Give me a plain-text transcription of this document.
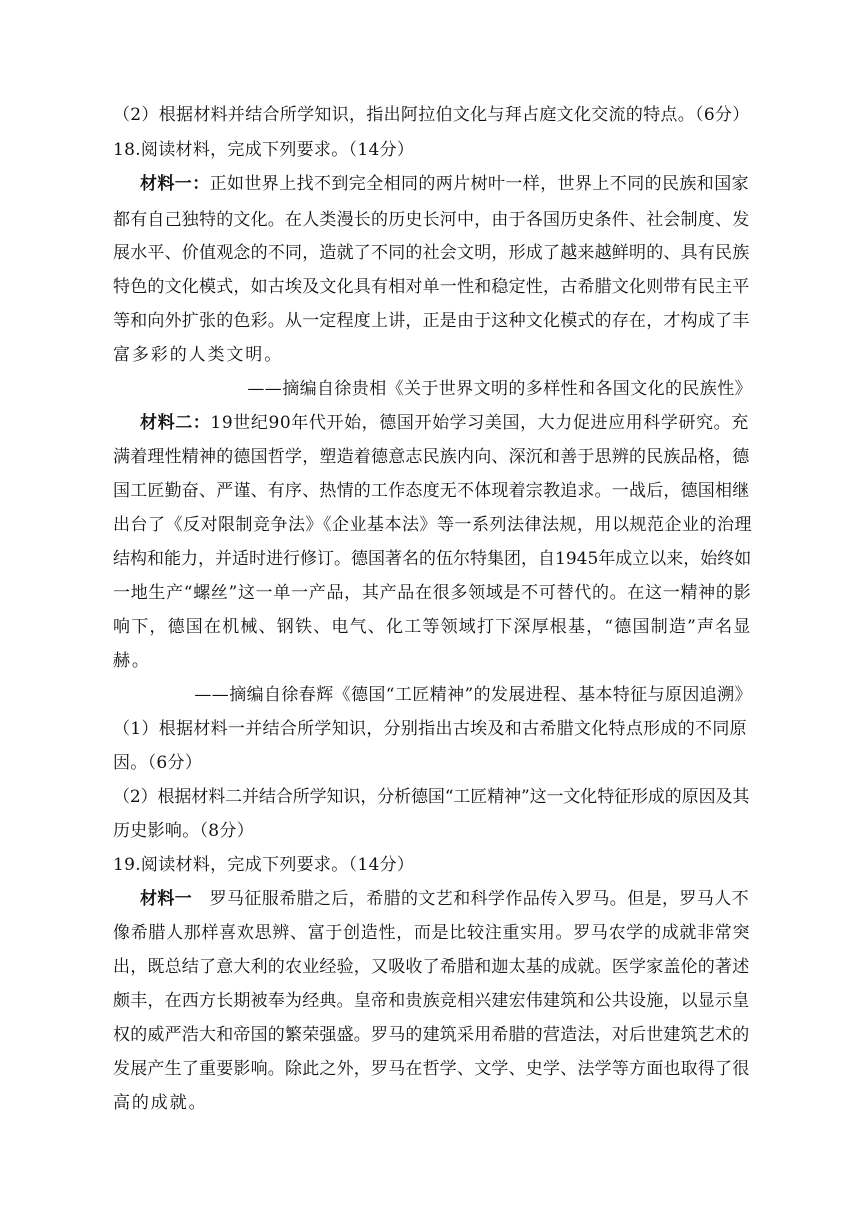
（2）根据材料并结合所学知识，指出阿拉伯文化与拜占庭文化交流的特点。（6分）
18.阅读材料，完成下列要求。（14分）
材料一：正如世界上找不到完全相同的两片树叶一样，世界上不同的民族和国家
都有自己独特的文化。在人类漫长的历史长河中，由于各国历史条件、社会制度、发
展水平、价值观念的不同，造就了不同的社会文明，形成了越来越鲜明的、具有民族
特色的文化模式，如古埃及文化具有相对单一性和稳定性，古希腊文化则带有民主平
等和向外扩张的色彩。从一定程度上讲，正是由于这种文化模式的存在，才构成了丰
富多彩的人类文明。
——摘编自徐贵相《关于世界文明的多样性和各国文化的民族性》
材料二：19世纪90年代开始，德国开始学习美国，大力促进应用科学研究。充
满着理性精神的德国哲学，塑造着德意志民族内向、深沉和善于思辨的民族品格，德
国工匠勤奋、严谨、有序、热情的工作态度无不体现着宗教追求。一战后，德国相继
出台了《反对限制竞争法》《企业基本法》等一系列法律法规，用以规范企业的治理
结构和能力，并适时进行修订。德国著名的伍尔特集团，自1945年成立以来，始终如
一地生产“螺丝”这一单一产品，其产品在很多领域是不可替代的。在这一精神的影
响下，德国在机械、钢铁、电气、化工等领域打下深厚根基，“德国制造”声名显
赫。
——摘编自徐春辉《德国“工匠精神”的发展进程、基本特征与原因追溯》
（1）根据材料一并结合所学知识，分别指出古埃及和古希腊文化特点形成的不同原
因。（6分）
（2）根据材料二并结合所学知识，分析德国“工匠精神”这一文化特征形成的原因及其
历史影响。（8分）
19.阅读材料，完成下列要求。（14分）
材料一　罗马征服希腊之后，希腊的文艺和科学作品传入罗马。但是，罗马人不
像希腊人那样喜欢思辨、富于创造性，而是比较注重实用。罗马农学的成就非常突
出，既总结了意大利的农业经验，又吸收了希腊和迦太基的成就。医学家盖伦的著述
颇丰，在西方长期被奉为经典。皇帝和贵族竞相兴建宏伟建筑和公共设施，以显示皇
权的威严浩大和帝国的繁荣强盛。罗马的建筑采用希腊的营造法，对后世建筑艺术的
发展产生了重要影响。除此之外，罗马在哲学、文学、史学、法学等方面也取得了很
高的成就。
